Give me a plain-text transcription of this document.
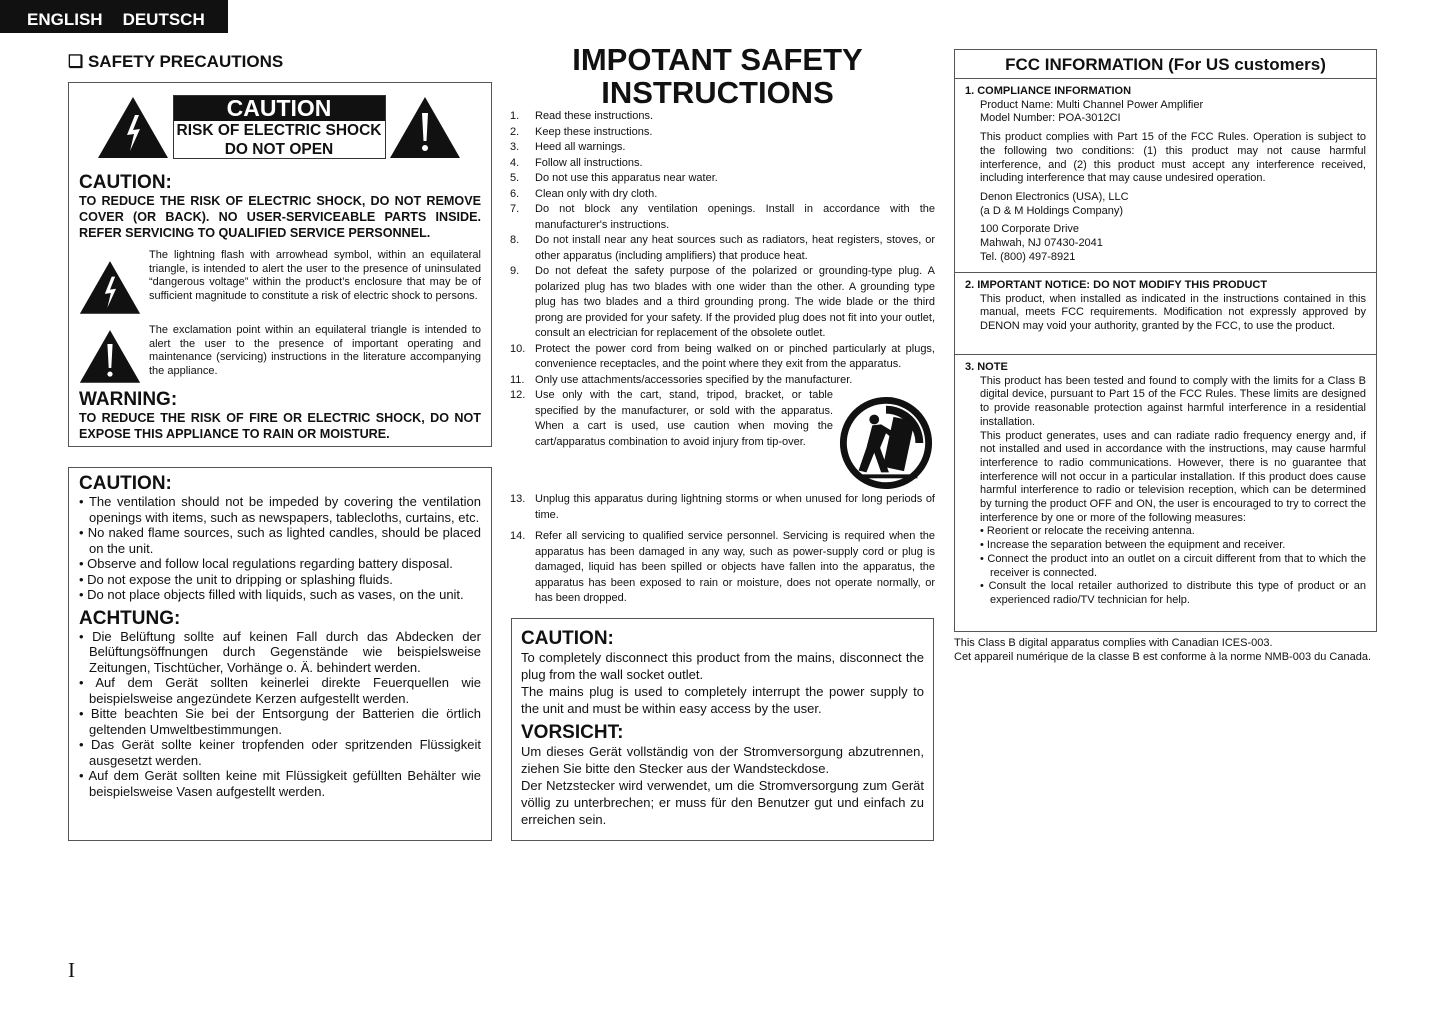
ENGLISH DEUTSCH
❏ SAFETY PRECAUTIONS
CAUTION
RISK OF ELECTRIC SHOCK
DO NOT OPEN
CAUTION:
TO REDUCE THE RISK OF ELECTRIC SHOCK, DO NOT REMOVE COVER (OR BACK). NO USER-SERVICEABLE PARTS INSIDE. REFER SERVICING TO QUALIFIED SERVICE PERSONNEL.
The lightning flash with arrowhead symbol, within an equilateral triangle, is intended to alert the user to the presence of uninsulated “dangerous voltage” within the product’s enclosure that may be of sufficient magnitude to constitute a risk of electric shock to persons.
The exclamation point within an equilateral triangle is intended to alert the user to the presence of important operating and maintenance (servicing) instructions in the literature accompanying the appliance.
WARNING:
TO REDUCE THE RISK OF FIRE OR ELECTRIC SHOCK, DO NOT EXPOSE THIS APPLIANCE TO RAIN OR MOISTURE.
CAUTION:
• The ventilation should not be impeded by covering the ventilation openings with items, such as newspapers, tablecloths, curtains, etc.
• No naked flame sources, such as lighted candles, should be placed on the unit.
• Observe and follow local regulations regarding battery disposal.
• Do not expose the unit to dripping or splashing fluids.
• Do not place objects filled with liquids, such as vases, on the unit.
ACHTUNG:
• Die Belüftung sollte auf keinen Fall durch das Abdecken der Belüftungsöffnungen durch Gegenstände wie beispielsweise Zeitungen, Tischtücher, Vorhänge o. Ä. behindert werden.
• Auf dem Gerät sollten keinerlei direkte Feuerquellen wie beispielsweise angezündete Kerzen aufgestellt werden.
• Bitte beachten Sie bei der Entsorgung der Batterien die örtlich geltenden Umweltbestimmungen.
• Das Gerät sollte keiner tropfenden oder spritzenden Flüssigkeit ausgesetzt werden.
• Auf dem Gerät sollten keine mit Flüssigkeit gefüllten Behälter wie beispielsweise Vasen aufgestellt werden.
IMPOTANT SAFETY
INSTRUCTIONS
1.	Read these instructions.
2.	Keep these instructions.
3.	Heed all warnings.
4.	Follow all instructions.
5.	Do not use this apparatus near water.
6.	Clean only with dry cloth.
7.	Do not block any ventilation openings. Install in accordance with the manufacturer's instructions.
8.	Do not install near any heat sources such as radiators, heat registers, stoves, or other apparatus (including amplifiers) that produce heat.
9.	Do not defeat the safety purpose of the polarized or grounding-type plug. A polarized plug has two blades with one wider than the other. A grounding type plug has two blades and a third grounding prong. The wide blade or the third prong are provided for your safety. If the provided plug does not fit into your outlet, consult an electrician for replacement of the obsolete outlet.
10. Protect the power cord from being walked on or pinched particularly at plugs, convenience receptacles, and the point where they exit from the apparatus.
11. Only use attachments/accessories specified by the manufacturer.
12. Use only with the cart, stand, tripod, bracket, or table specified by the manufacturer, or sold with the apparatus. When a cart is used, use caution when moving the cart/apparatus combination to avoid injury from tip-over.
13. Unplug this apparatus during lightning storms or when unused for long periods of time.
14. Refer all servicing to qualified service personnel. Servicing is required when the apparatus has been damaged in any way, such as power-supply cord or plug is damaged, liquid has been spilled or objects have fallen into the apparatus, the apparatus has been exposed to rain or moisture, does not operate normally, or has been dropped.
CAUTION:

To completely disconnect this product from the mains, disconnect the plug from the wall socket outlet.

The mains plug is used to completely interrupt the power supply to the unit and must be within easy access by the user.

VORSICHT:

Um dieses Gerät vollständig von der Stromversorgung abzutrennen, ziehen Sie bitte den Stecker aus der Wandsteckdose.

Der Netzstecker wird verwendet, um die Stromversorgung zum Gerät völlig zu unterbrechen; er muss für den Benutzer gut und einfach zu erreichen sein.

FCC INFORMATION (For US customers)
1. COMPLIANCE INFORMATION

Product Name: Multi Channel Power Amplifier
Model Number: POA-3012CI

This product complies with Part 15 of the FCC Rules. Operation is subject to the following two conditions: (1) this product may not cause harmful interference, and (2) this product must accept any interference received, including interference that may cause undesired operation.

Denon Electronics (USA), LLC
(a D & M Holdings Company)

100 Corporate Drive
Mahwah, NJ 07430-2041
Tel. (800) 497-8921

2. IMPORTANT NOTICE: DO NOT MODIFY THIS PRODUCT
This product, when installed as indicated in the instructions contained in this manual, meets FCC requirements. Modification not expressly approved by DENON may void your authority, granted by the FCC, to use the product.
3. NOTE
This product has been tested and found to comply with the limits for a Class B digital device, pursuant to Part 15 of the FCC Rules. These limits are designed to provide reasonable protection against harmful interference in a residential installation.
This product generates, uses and can radiate radio frequency energy and, if not installed and used in accordance with the instructions, may cause harmful interference to radio communications. However, there is no guarantee that interference will not occur in a particular installation. If this product does cause harmful interference to radio or television reception, which can be determined by turning the product OFF and ON, the user is encouraged to try to correct the interference by one or more of the following measures:
• Reorient or relocate the receiving antenna.
• Increase the separation between the equipment and receiver.
• Connect the product into an outlet on a circuit different from that to which the receiver is connected.
• Consult the local retailer authorized to distribute this type of product or an experienced radio/TV technician for help.
This Class B digital apparatus complies with Canadian ICES-003.
Cet appareil numérique de la classe B est conforme à la norme NMB-003 du Canada.
I
